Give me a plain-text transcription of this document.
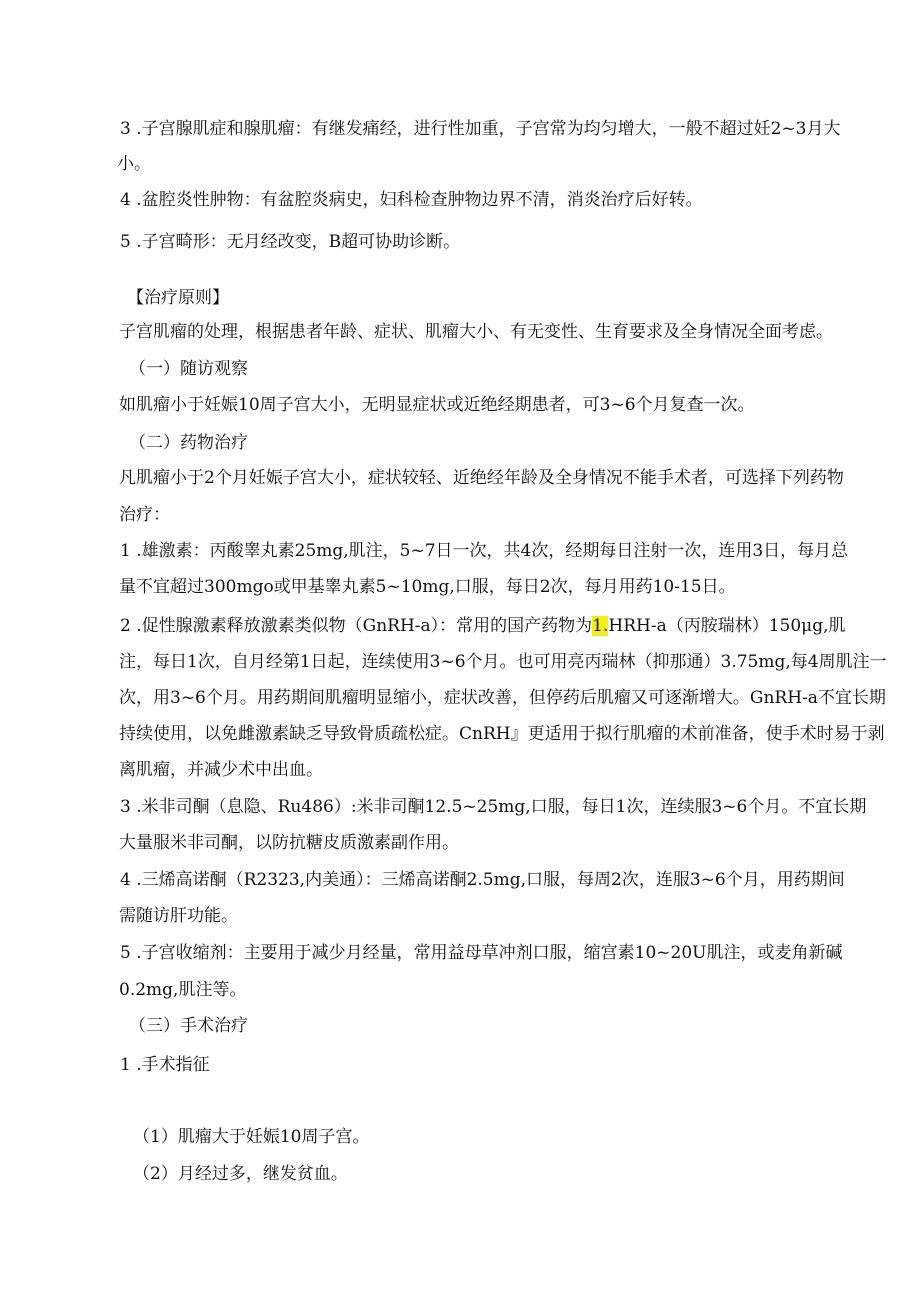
3 .子宫腺肌症和腺肌瘤：有继发痛经，进行性加重，子宫常为均匀增大，一般不超过妊2~3月大
小。
4 .盆腔炎性肿物：有盆腔炎病史，妇科检查肿物边界不清，消炎治疗后好转。
5 .子宫畸形：无月经改变，B超可协助诊断。
【治疗原则】
子宫肌瘤的处理，根据患者年龄、症状、肌瘤大小、有无变性、生育要求及全身情况全面考虑。
（一）随访观察
如肌瘤小于妊娠10周子宫大小，无明显症状或近绝经期患者，可3~6个月复查一次。
（二）药物治疗
凡肌瘤小于2个月妊娠子宫大小，症状较轻、近绝经年龄及全身情况不能手术者，可选择下列药物
治疗：
1 .雄激素：丙酸睾丸素25mg,肌注，5~7日一次，共4次，经期每日注射一次，连用3日，每月总
量不宜超过300mgo或甲基睾丸素5~10mg,口服，每日2次，每月用药10-15日。
2 .促性腺激素释放激素类似物（GnRH-a）：常用的国产药物为1.HRH-a（丙胺瑞林）150μg,肌
注，每日1次，自月经第1日起，连续使用3~6个月。也可用亮丙瑞林（抑那通）3.75mg,每4周肌注一
次，用3~6个月。用药期间肌瘤明显缩小，症状改善，但停药后肌瘤又可逐渐增大。GnRH-a不宜长期
持续使用，以免雌激素缺乏导致骨质疏松症。CnRH』更适用于拟行肌瘤的术前准备，使手术时易于剥
离肌瘤，并减少术中出血。
3 .米非司酮（息隐、Ru486）:米非司酮12.5~25mg,口服，每日1次，连续服3~6个月。不宜长期
大量服米非司酮，以防抗糖皮质激素副作用。
4 .三烯高诺酮（R2323,内美通）：三烯高诺酮2.5mg,口服，每周2次，连服3~6个月，用药期间
需随访肝功能。
5 .子宫收缩剂：主要用于减少月经量，常用益母草冲剂口服，缩宫素10~20U肌注，或麦角新碱
0.2mg,肌注等。
（三）手术治疗
1 .手术指征
（1）肌瘤大于妊娠10周子宫。
（2）月经过多，继发贫血。
